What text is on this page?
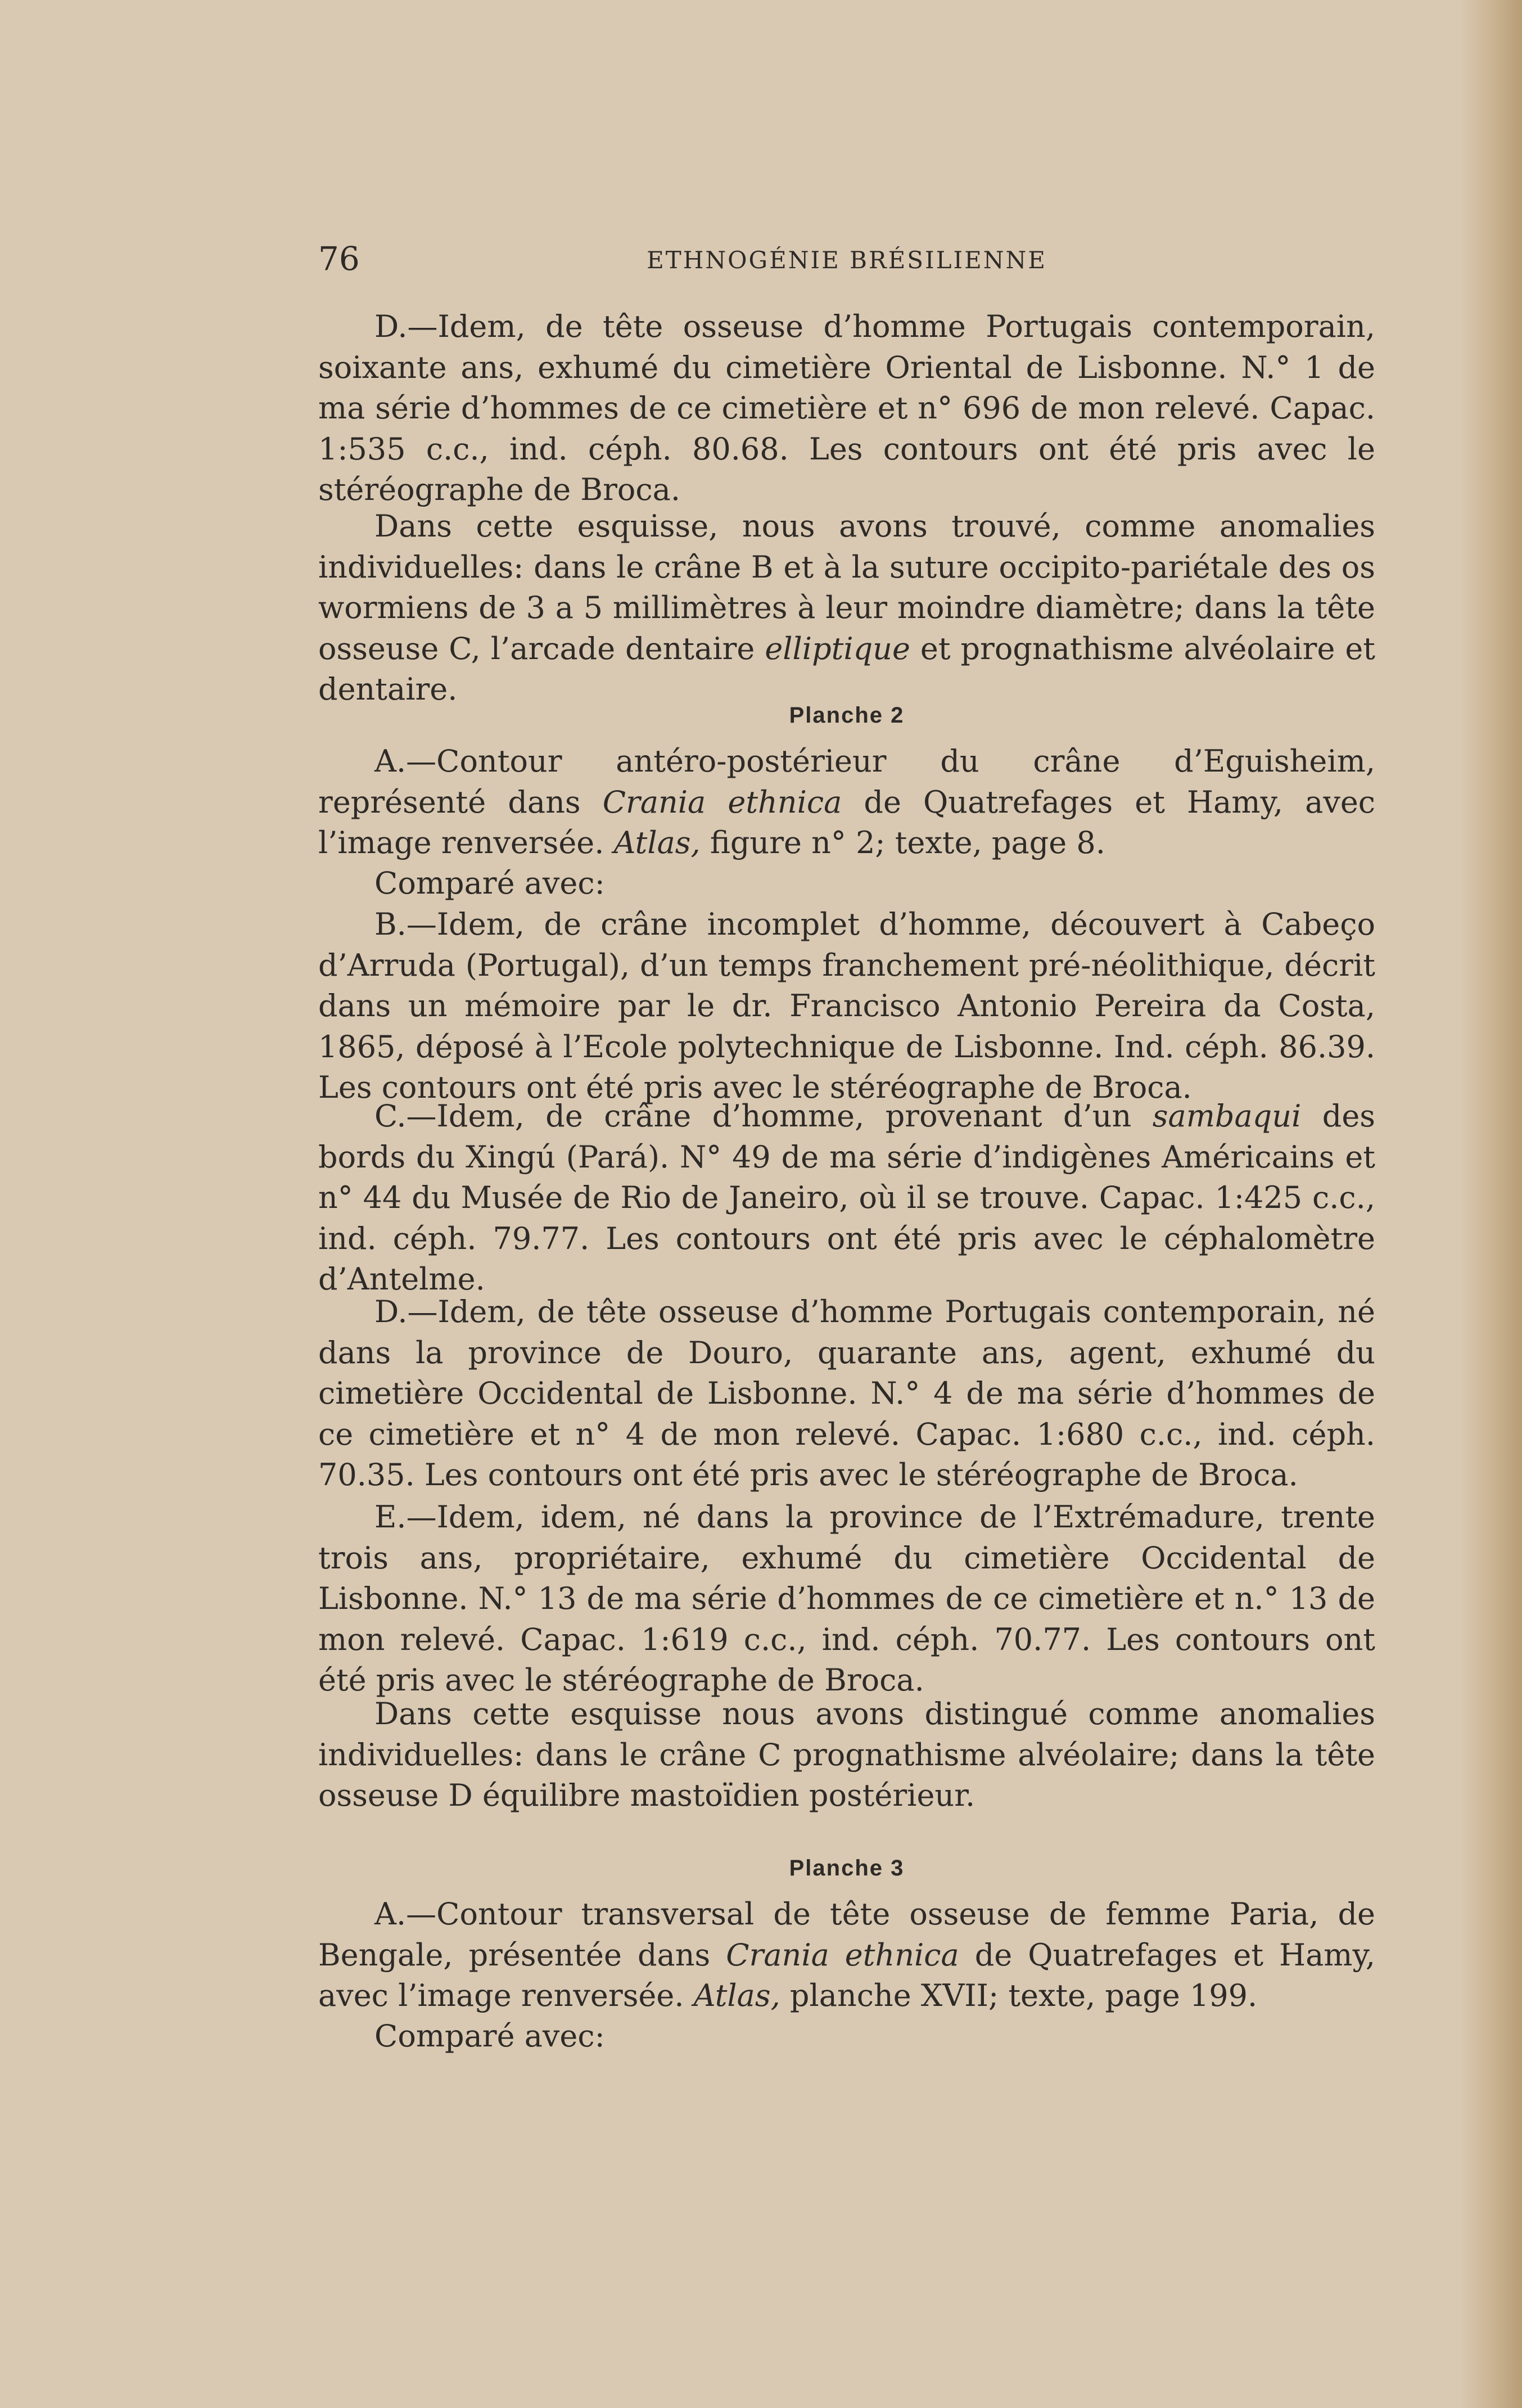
76	ETHNOGÉNIE BRÉSILIENNE

D.—Idem, de tête osseuse d’homme Portugais contemporain, soixante ans, exhumé du cimetière Oriental de Lisbonne. N.° 1 de ma série d’hommes de ce cimetière et n° 696 de mon relevé. Capac. 1:535 c.c., ind. céph. 80.68. Les contours ont été pris avec le stéréographe de Broca.

Dans cette esquisse, nous avons trouvé, comme anomalies individuelles: dans le crâne B et à la suture occipito-pariétale des os wormiens de 3 a 5 millimètres à leur moindre diamètre; dans la tête osseuse C, l’arcade dentaire elliptique et prognathisme alvéolaire et dentaire.

Planche 2

A.—Contour antéro-postérieur du crâne d’Eguisheim, représenté dans Crania ethnica de Quatrefages et Hamy, avec l’image renversée. Atlas, figure n° 2; texte, page 8.

Comparé avec:

B.—Idem, de crâne incomplet d’homme, découvert à Cabeço d’Arruda (Portugal), d’un temps franchement pré-néolithique, décrit dans un mémoire par le dr. Francisco Antonio Pereira da Costa, 1865, déposé à l’Ecole polytechnique de Lisbonne. Ind. céph. 86.39. Les contours ont été pris avec le stéréographe de Broca.

C.—Idem, de crâne d’homme, provenant d’un sambaqui des bords du Xingú (Pará). N° 49 de ma série d’indigènes Américains et n° 44 du Musée de Rio de Janeiro, où il se trouve. Capac. 1:425 c.c., ind. céph. 79.77. Les contours ont été pris avec le céphalomètre d’Antelme.

D.—Idem, de tête osseuse d’homme Portugais contemporain, né dans la province de Douro, quarante ans, agent, exhumé du cimetière Occidental de Lisbonne. N.° 4 de ma série d’hommes de ce cimetière et n° 4 de mon relevé. Capac. 1:680 c.c., ind. céph. 70.35. Les contours ont été pris avec le stéréographe de Broca.

E.—Idem, idem, né dans la province de l’Extrémadure, trente trois ans, propriétaire, exhumé du cimetière Occidental de Lisbonne. N.° 13 de ma série d’hommes de ce cimetière et n.° 13 de mon relevé. Capac. 1:619 c.c., ind. céph. 70.77. Les contours ont été pris avec le stéréographe de Broca.

Dans cette esquisse nous avons distingué comme anomalies individuelles: dans le crâne C prognathisme alvéolaire; dans la tête osseuse D équilibre mastoïdien postérieur.

Planche 3

A.—Contour transversal de tête osseuse de femme Paria, de Bengale, présentée dans Crania ethnica de Quatrefages et Hamy, avec l’image renversée. Atlas, planche XVII; texte, page 199.

Comparé avec:
